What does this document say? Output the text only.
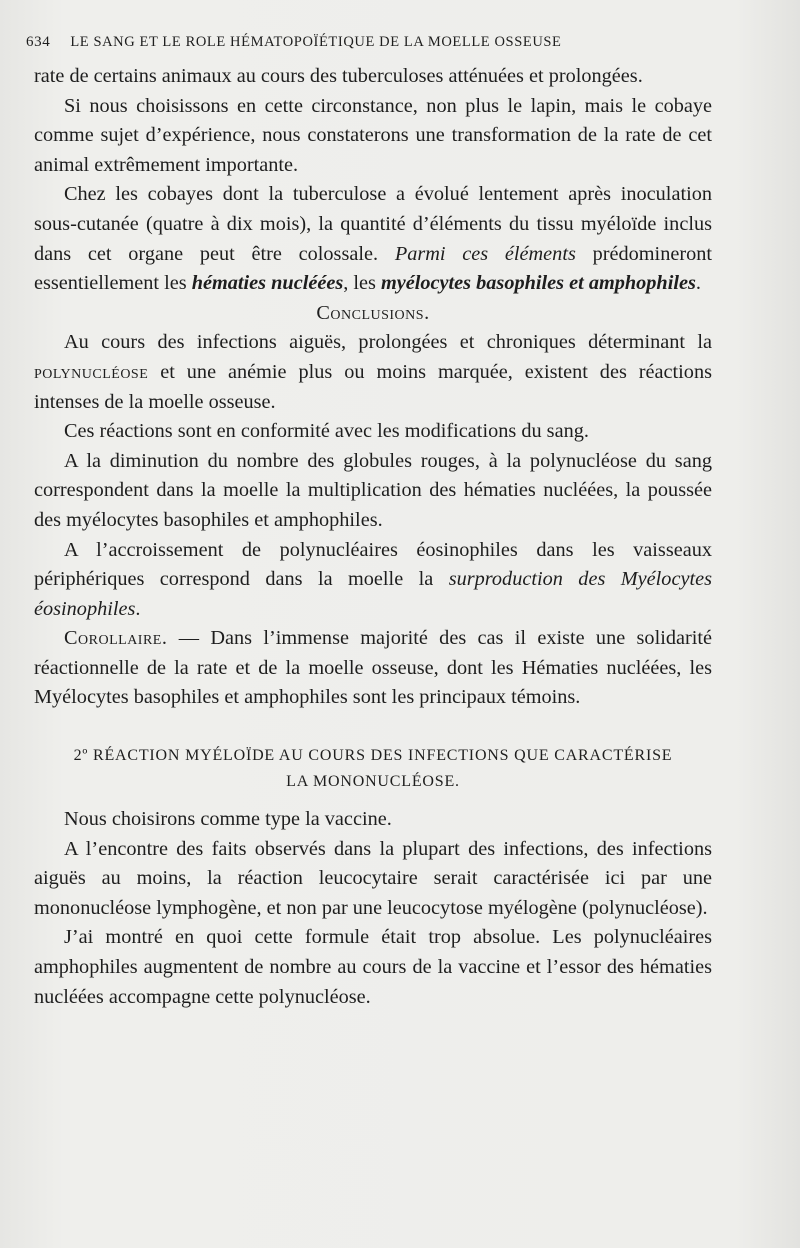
634 LE SANG ET LE ROLE HÉMATOPOÏÉTIQUE DE LA MOELLE OSSEUSE

rate de certains animaux au cours des tuberculoses atténuées et prolongées.

Si nous choisissons en cette circonstance, non plus le lapin, mais le cobaye comme sujet d’expérience, nous constaterons une transformation de la rate de cet animal extrêmement importante.

Chez les cobayes dont la tuberculose a évolué lentement après inoculation sous-cutanée (quatre à dix mois), la quantité d’éléments du tissu myéloïde inclus dans cet organe peut être colossale. Parmi ces éléments prédomineront essentiellement les hématies nucléées, les myélocytes basophiles et amphophiles.

Conclusions.

Au cours des infections aiguës, prolongées et chroniques déterminant la polynucléose et une anémie plus ou moins marquée, existent des réactions intenses de la moelle osseuse.

Ces réactions sont en conformité avec les modifications du sang.

A la diminution du nombre des globules rouges, à la polynucléose du sang correspondent dans la moelle la multiplication des hématies nucléées, la poussée des myélocytes basophiles et amphophiles.

A l’accroissement de polynucléaires éosinophiles dans les vaisseaux périphériques correspond dans la moelle la surproduction des Myélocytes éosinophiles.

Corollaire. — Dans l’immense majorité des cas il existe une solidarité réactionnelle de la rate et de la moelle osseuse, dont les Hématies nucléées, les Myélocytes basophiles et amphophiles sont les principaux témoins.

2º RÉACTION MYÉLOÏDE AU COURS DES INFECTIONS QUE CARACTÉRISE
LA MONONUCLÉOSE.

Nous choisirons comme type la vaccine.

A l’encontre des faits observés dans la plupart des infections, des infections aiguës au moins, la réaction leucocytaire serait caractérisée ici par une mononucléose lymphogène, et non par une leucocytose myélogène (polynucléose).

J’ai montré en quoi cette formule était trop absolue. Les polynucléaires amphophiles augmentent de nombre au cours de la vaccine et l’essor des hématies nucléées accompagne cette polynucléose.
